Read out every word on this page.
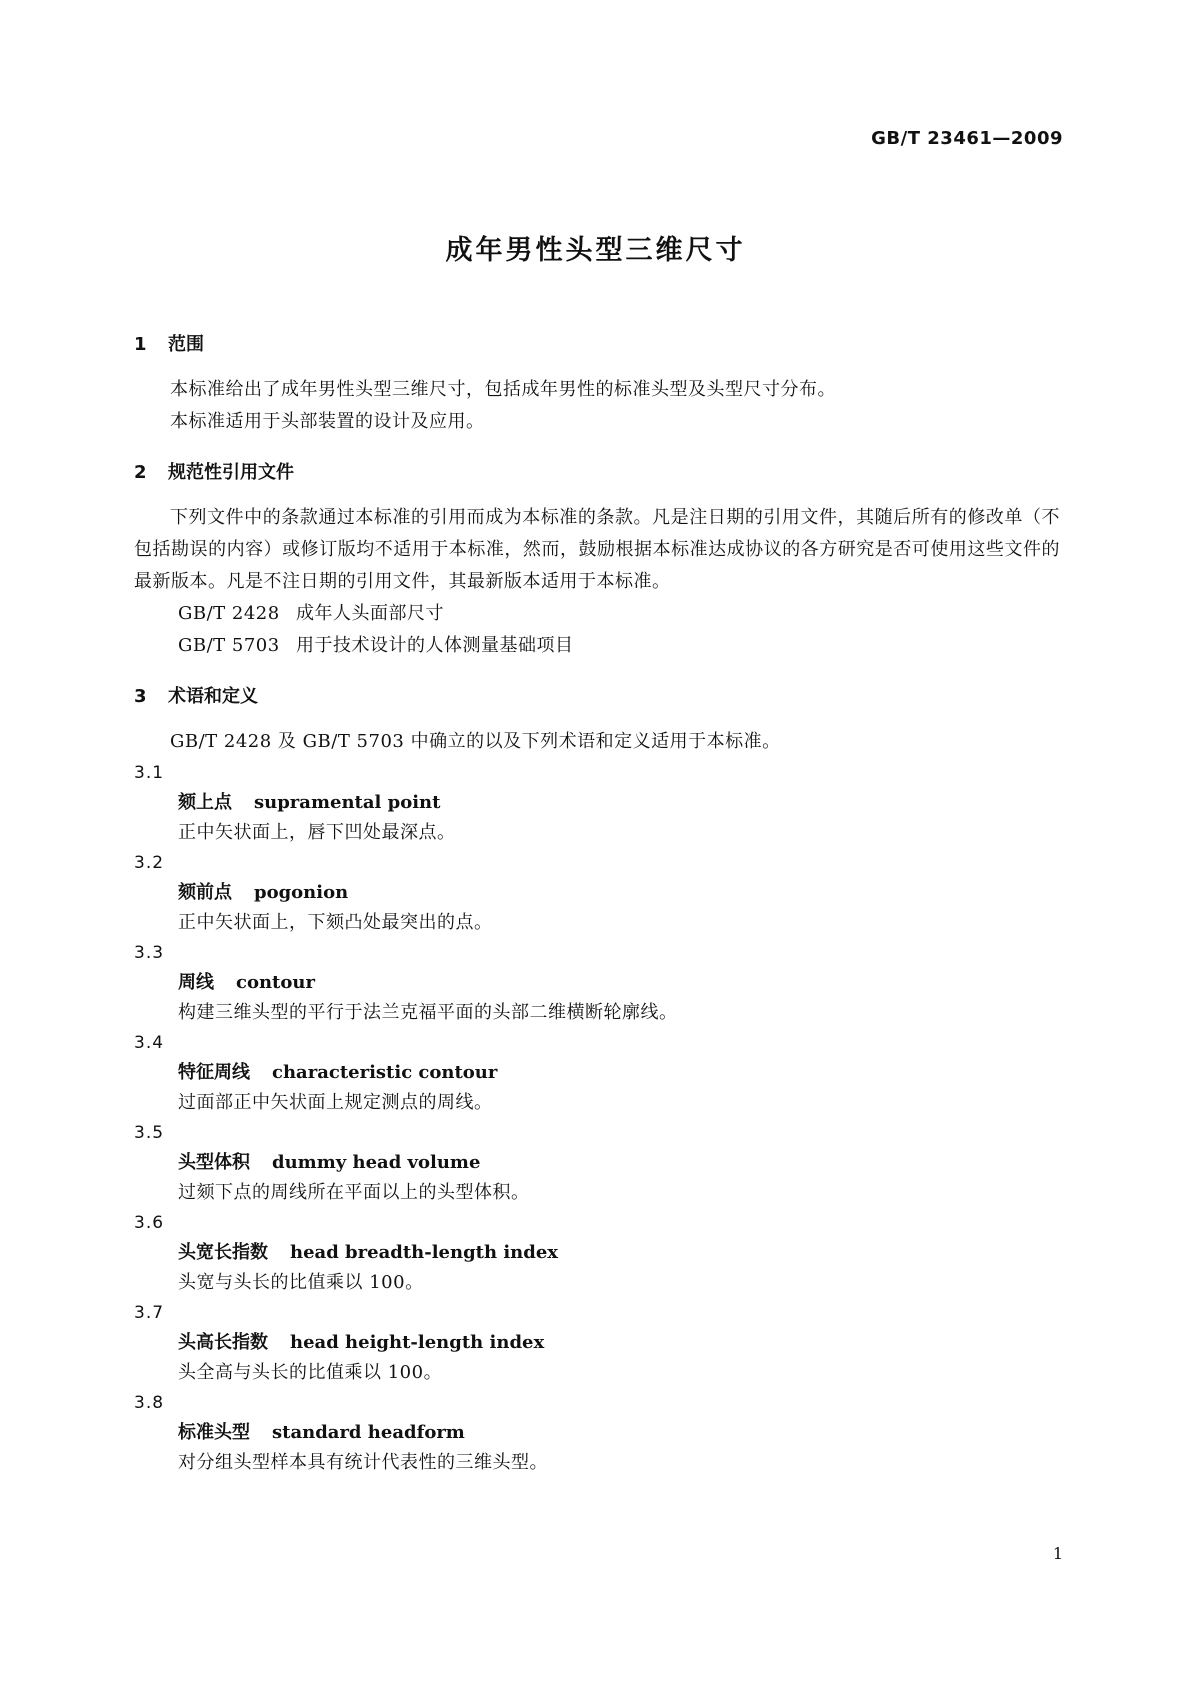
GB/T 23461—2009
成年男性头型三维尺寸
1 范围

本标准给出了成年男性头型三维尺寸，包括成年男性的标准头型及头型尺寸分布。

本标准适用于头部装置的设计及应用。

2 规范性引用文件

下列文件中的条款通过本标准的引用而成为本标准的条款。凡是注日期的引用文件，其随后所有的修改单（不包括勘误的内容）或修订版均不适用于本标准，然而，鼓励根据本标准达成协议的各方研究是否可使用这些文件的最新版本。凡是不注日期的引用文件，其最新版本适用于本标准。

GB/T 2428 成年人头面部尺寸

GB/T 5703 用于技术设计的人体测量基础项目

3 术语和定义

GB/T 2428 及 GB/T 5703 中确立的以及下列术语和定义适用于本标准。

3.1

颏上点 supramental point

正中矢状面上，唇下凹处最深点。

3.2

颏前点 pogonion

正中矢状面上，下颏凸处最突出的点。

3.3

周线 contour

构建三维头型的平行于法兰克福平面的头部二维横断轮廓线。

3.4

特征周线 characteristic contour

过面部正中矢状面上规定测点的周线。

3.5

头型体积 dummy head volume

过颏下点的周线所在平面以上的头型体积。

3.6

头宽长指数 head breadth-length index

头宽与头长的比值乘以 100。

3.7

头高长指数 head height-length index

头全高与头长的比值乘以 100。

3.8

标准头型 standard headform

对分组头型样本具有统计代表性的三维头型。

1
